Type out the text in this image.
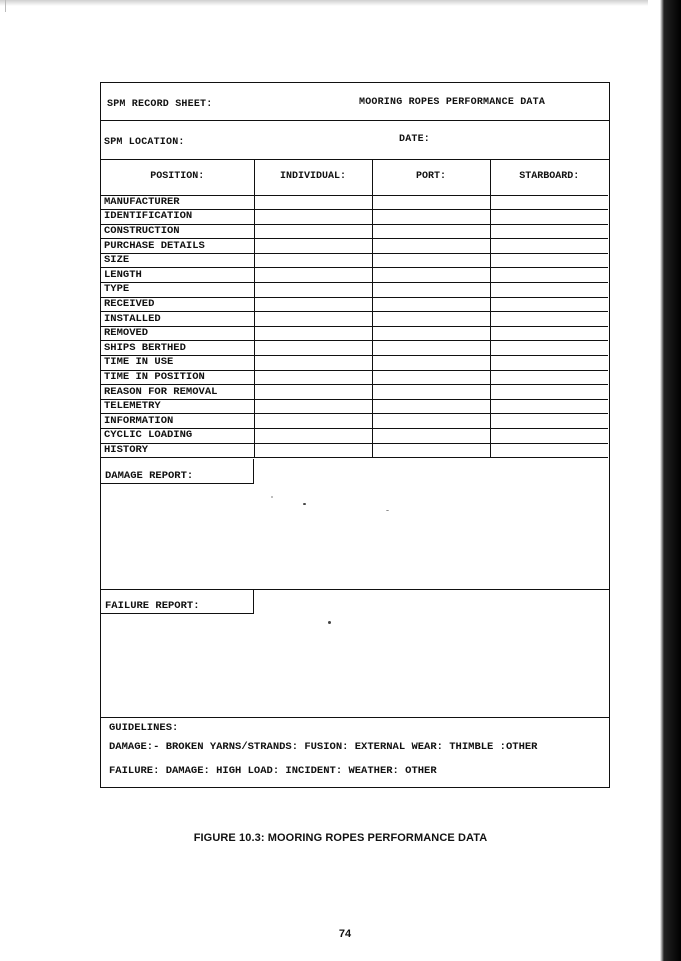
SPM RECORD SHEET:	MOORING ROPES PERFORMANCE DATA
SPM LOCATION:	DATE:
POSITION:	INDIVIDUAL:	PORT:	STARBOARD:
MANUFACTURER			
IDENTIFICATION			
CONSTRUCTION			
PURCHASE DETAILS			
SIZE			
LENGTH			
TYPE			
RECEIVED			
INSTALLED			
REMOVED			
SHIPS BERTHED			
TIME IN USE			
TIME IN POSITION			
REASON FOR REMOVAL			
TELEMETRY			
INFORMATION			
CYCLIC LOADING			
HISTORY			
DAMAGE REPORT:
FAILURE REPORT:
GUIDELINES:
DAMAGE:- BROKEN YARNS/STRANDS: FUSION: EXTERNAL WEAR: THIMBLE :OTHER
FAILURE: DAMAGE: HIGH LOAD: INCIDENT: WEATHER: OTHER
FIGURE 10.3: MOORING ROPES PERFORMANCE DATA
74
